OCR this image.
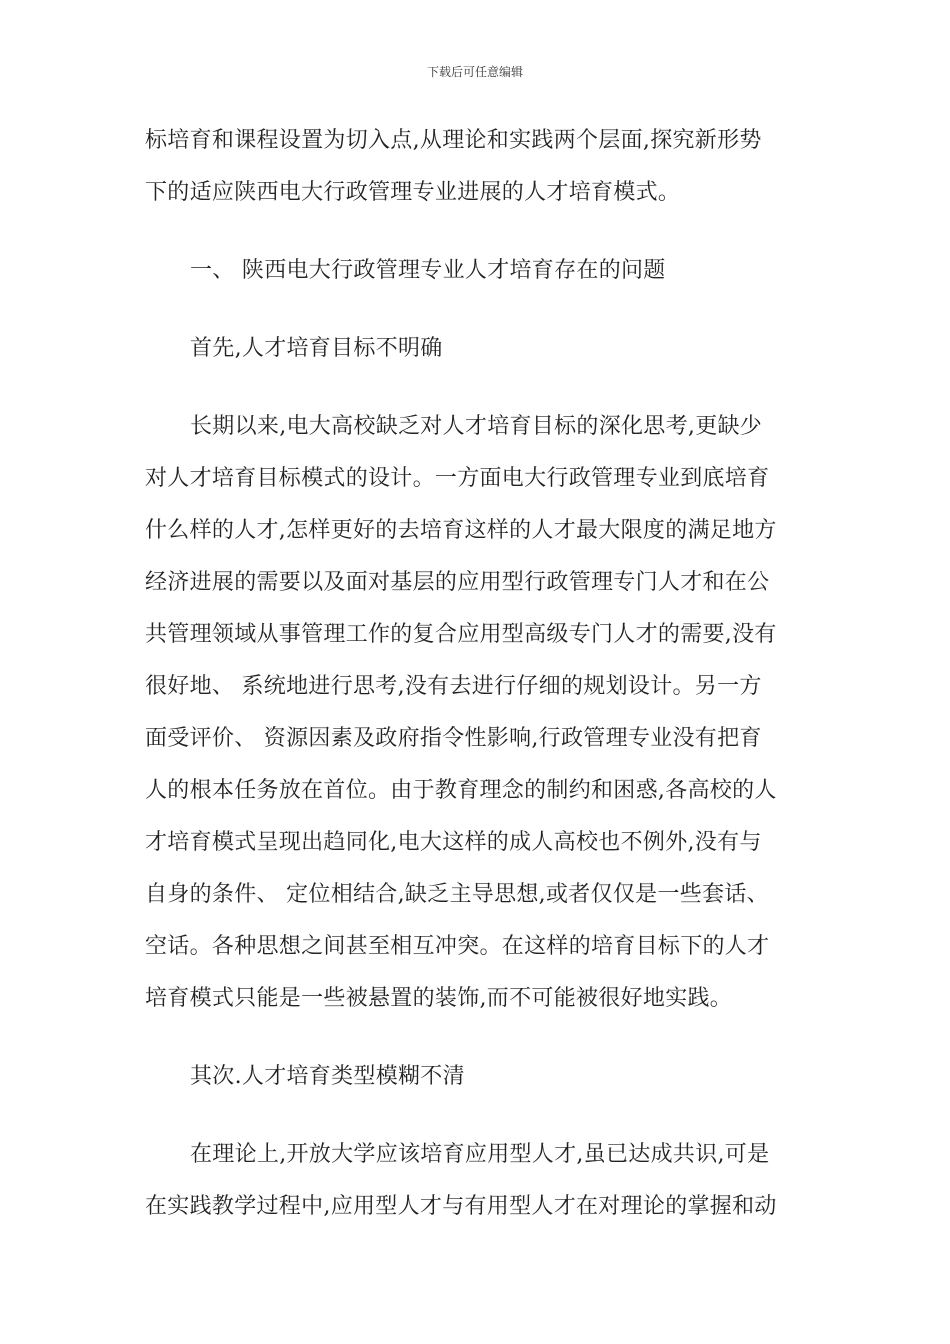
下载后可任意编辑
标培育和课程设置为切入点,从理论和实践两个层面,探究新形势
下的适应陕西电大行政管理专业进展的人才培育模式。
一、 陕西电大行政管理专业人才培育存在的问题
首先,人才培育目标不明确
长期以来,电大高校缺乏对人才培育目标的深化思考,更缺少
对人才培育目标模式的设计。一方面电大行政管理专业到底培育
什么样的人才,怎样更好的去培育这样的人才最大限度的满足地方
经济进展的需要以及面对基层的应用型行政管理专门人才和在公
共管理领域从事管理工作的复合应用型高级专门人才的需要,没有
很好地、 系统地进行思考,没有去进行仔细的规划设计。另一方
面受评价、 资源因素及政府指令性影响,行政管理专业没有把育
人的根本任务放在首位。由于教育理念的制约和困惑,各高校的人
才培育模式呈现出趋同化,电大这样的成人高校也不例外,没有与
自身的条件、 定位相结合,缺乏主导思想,或者仅仅是一些套话、
空话。各种思想之间甚至相互冲突。在这样的培育目标下的人才
培育模式只能是一些被悬置的装饰,而不可能被很好地实践。
其次.人才培育类型模糊不清
在理论上,开放大学应该培育应用型人才,虽已达成共识,可是
在实践教学过程中,应用型人才与有用型人才在对理论的掌握和动
